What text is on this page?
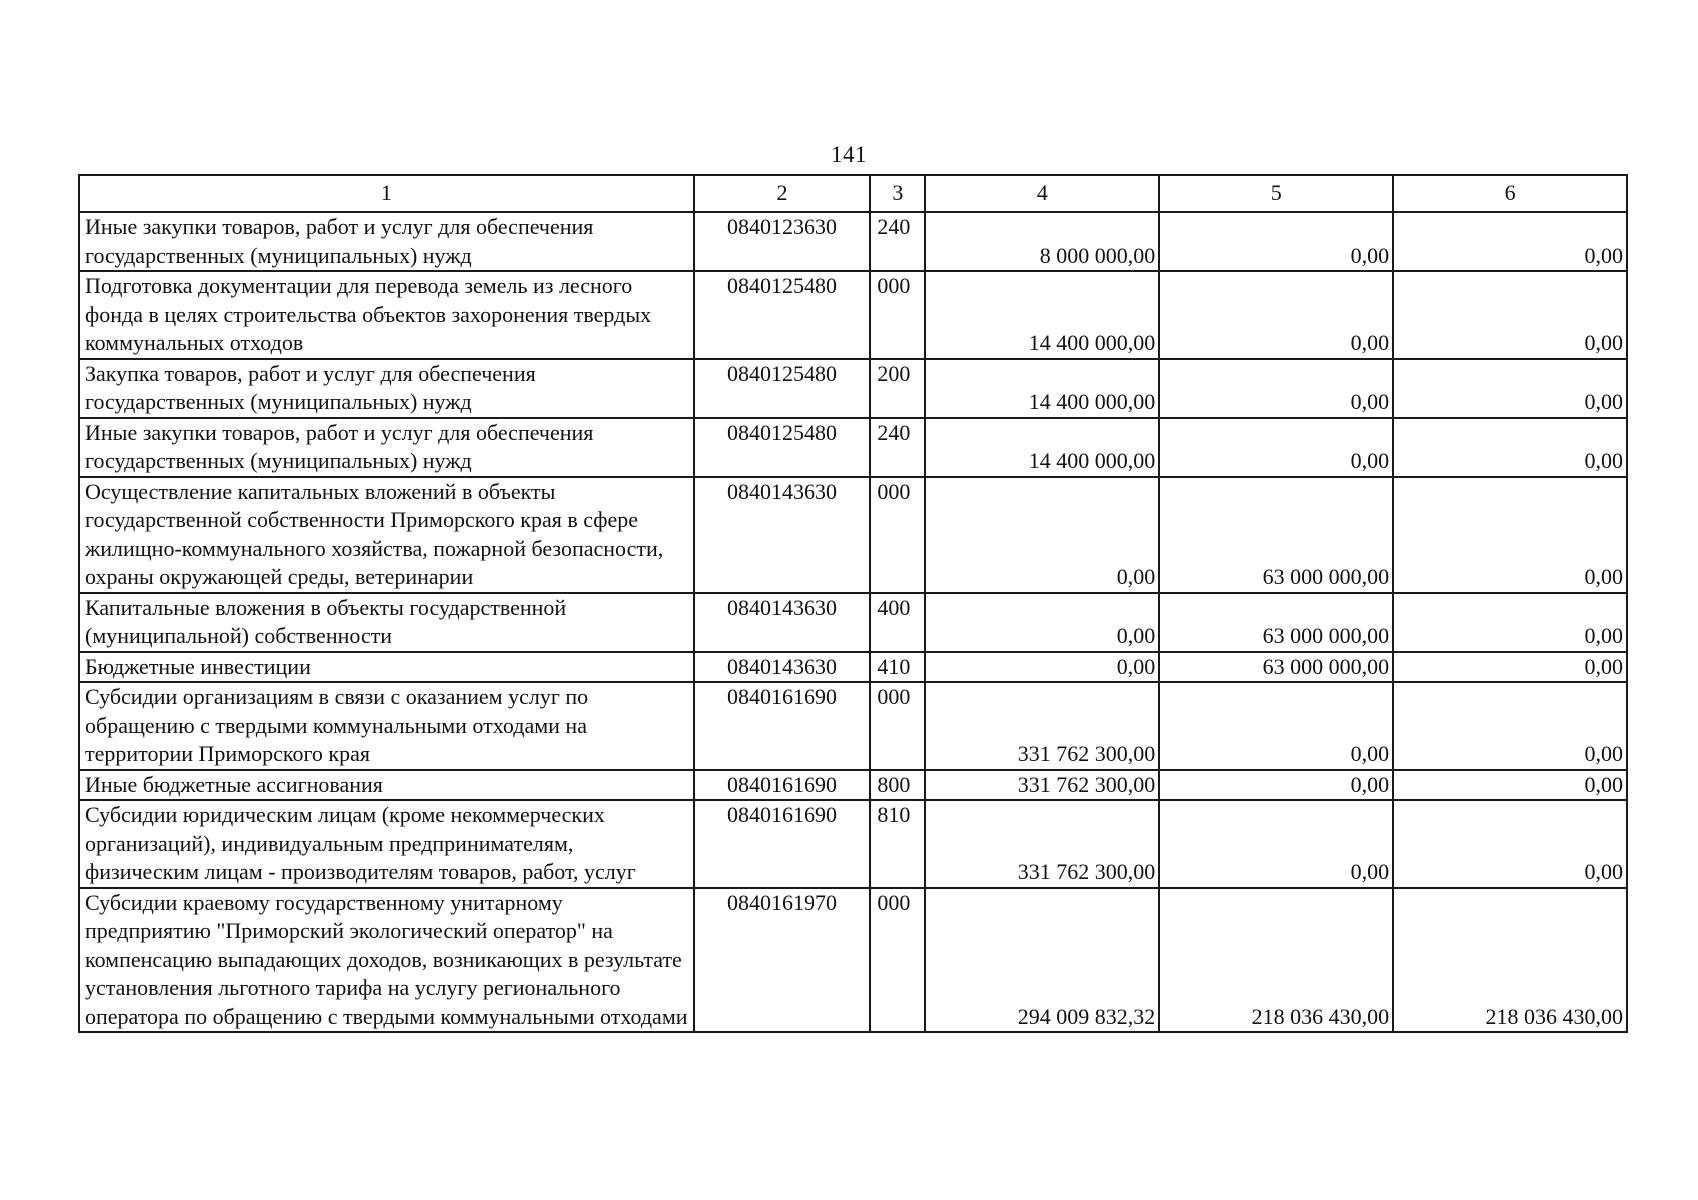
141
1	2	3	4	5	6
Иные закупки товаров, работ и услуг для обеспечения государственных (муниципальных) нужд	0840123630	240	8 000 000,00	0,00	0,00
Подготовка документации для перевода земель из лесного фонда в целях строительства объектов захоронения твердых коммунальных отходов	0840125480	000	14 400 000,00	0,00	0,00
Закупка товаров, работ и услуг для обеспечения государственных (муниципальных) нужд	0840125480	200	14 400 000,00	0,00	0,00
Иные закупки товаров, работ и услуг для обеспечения государственных (муниципальных) нужд	0840125480	240	14 400 000,00	0,00	0,00
Осуществление капитальных вложений в объекты государственной собственности Приморского края в сфере жилищно-коммунального хозяйства, пожарной безопасности, охраны окружающей среды, ветеринарии	0840143630	000	0,00	63 000 000,00	0,00
Капитальные вложения в объекты государственной (муниципальной) собственности	0840143630	400	0,00	63 000 000,00	0,00
Бюджетные инвестиции	0840143630	410	0,00	63 000 000,00	0,00
Субсидии организациям в связи с оказанием услуг по обращению с твердыми коммунальными отходами на территории Приморского края	0840161690	000	331 762 300,00	0,00	0,00
Иные бюджетные ассигнования	0840161690	800	331 762 300,00	0,00	0,00
Субсидии юридическим лицам (кроме некоммерческих организаций), индивидуальным предпринимателям, физическим лицам - производителям товаров, работ, услуг	0840161690	810	331 762 300,00	0,00	0,00
Субсидии краевому государственному унитарному предприятию "Приморский экологический оператор" на компенсацию выпадающих доходов, возникающих в результате установления льготного тарифа на услугу регионального оператора по обращению с твердыми коммунальными отходами	0840161970	000	294 009 832,32	218 036 430,00	218 036 430,00
